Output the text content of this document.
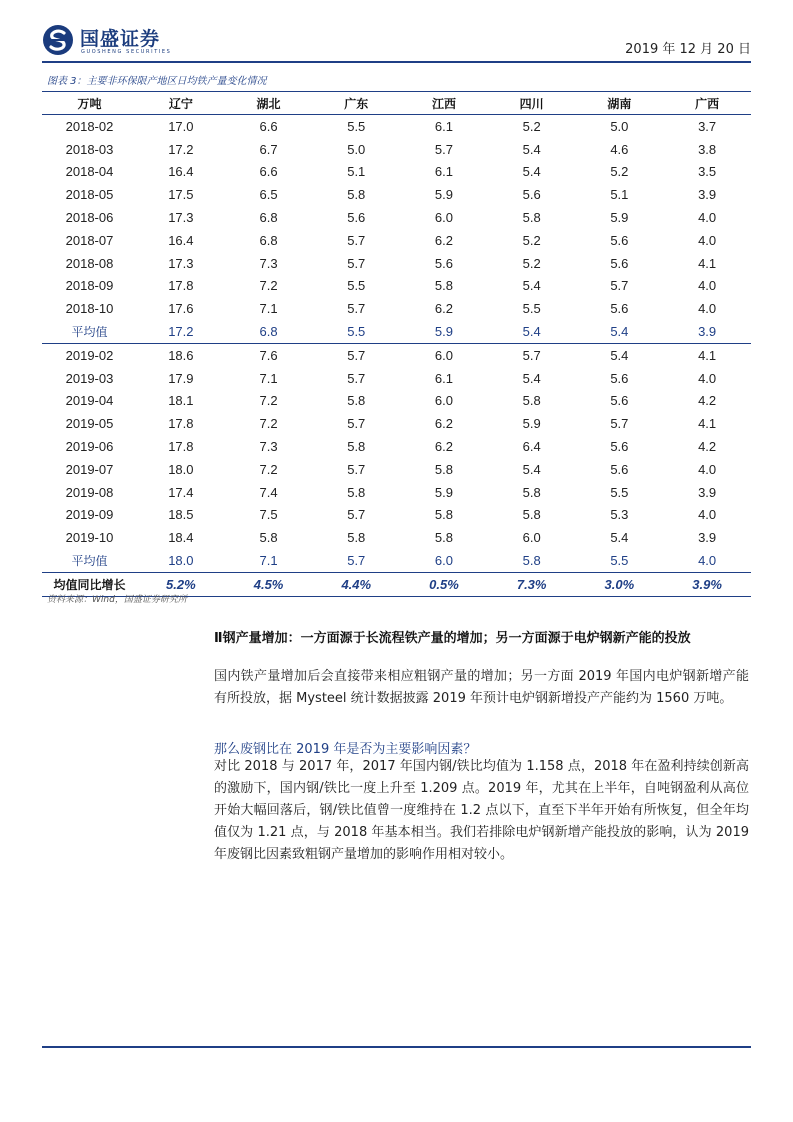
国盛证券
GUOSHENG SECURITIES	2019 年 12 月 20 日
图表 3：主要非环保限产地区日均铁产量变化情况
万吨	辽宁	湖北	广东	江西	四川	湖南	广西
2018-02	17.0	6.6	5.5	6.1	5.2	5.0	3.7
2018-03	17.2	6.7	5.0	5.7	5.4	4.6	3.8
2018-04	16.4	6.6	5.1	6.1	5.4	5.2	3.5
2018-05	17.5	6.5	5.8	5.9	5.6	5.1	3.9
2018-06	17.3	6.8	5.6	6.0	5.8	5.9	4.0
2018-07	16.4	6.8	5.7	6.2	5.2	5.6	4.0
2018-08	17.3	7.3	5.7	5.6	5.2	5.6	4.1
2018-09	17.8	7.2	5.5	5.8	5.4	5.7	4.0
2018-10	17.6	7.1	5.7	6.2	5.5	5.6	4.0
平均值	17.2	6.8	5.5	5.9	5.4	5.4	3.9
2019-02	18.6	7.6	5.7	6.0	5.7	5.4	4.1
2019-03	17.9	7.1	5.7	6.1	5.4	5.6	4.0
2019-04	18.1	7.2	5.8	6.0	5.8	5.6	4.2
2019-05	17.8	7.2	5.7	6.2	5.9	5.7	4.1
2019-06	17.8	7.3	5.8	6.2	6.4	5.6	4.2
2019-07	18.0	7.2	5.7	5.8	5.4	5.6	4.0
2019-08	17.4	7.4	5.8	5.9	5.8	5.5	3.9
2019-09	18.5	7.5	5.7	5.8	5.8	5.3	4.0
2019-10	18.4	5.8	5.8	5.8	6.0	5.4	3.9
平均值	18.0	7.1	5.7	6.0	5.8	5.5	4.0
均值同比增长	5.2%	4.5%	4.4%	0.5%	7.3%	3.0%	3.9%
资料来源：Wind，国盛证券研究所
Ⅱ钢产量增加：一方面源于长流程铁产量的增加；另一方面源于电炉钢新产能的投放

国内铁产量增加后会直接带来相应粗钢产量的增加；另一方面 2019 年国内电炉钢新增产能有所投放，据 Mysteel 统计数据披露 2019 年预计电炉钢新增投产产能约为 1560 万吨。

那么废钢比在 2019 年是否为主要影响因素？

对比 2018 与 2017 年，2017 年国内钢/铁比均值为 1.158 点，2018 年在盈利持续创新高的激励下，国内钢/铁比一度上升至 1.209 点。2019 年，尤其在上半年，自吨钢盈利从高位开始大幅回落后，钢/铁比值曾一度维持在 1.2 点以下，直至下半年开始有所恢复，但全年均值仅为 1.21 点，与 2018 年基本相当。我们若排除电炉钢新增产能投放的影响，认为 2019 年废钢比因素致粗钢产量增加的影响作用相对较小。
